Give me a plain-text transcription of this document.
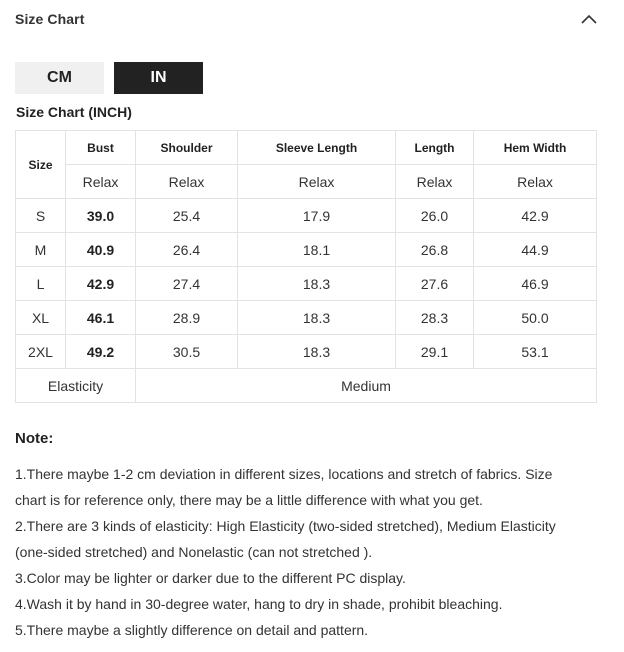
Size Chart
CM	IN
Size Chart (INCH)
Size	Bust	Shoulder	Sleeve Length	Length	Hem Width
	Relax	Relax	Relax	Relax	Relax
S	39.0	25.4	17.9	26.0	42.9
M	40.9	26.4	18.1	26.8	44.9
L	42.9	27.4	18.3	27.6	46.9
XL	46.1	28.9	18.3	28.3	50.0
2XL	49.2	30.5	18.3	29.1	53.1
Elasticity		Medium			
Note:
1.There maybe 1-2 cm deviation in different sizes, locations and stretch of fabrics. Size
chart is for reference only, there may be a little difference with what you get.
2.There are 3 kinds of elasticity: High Elasticity (two-sided stretched), Medium Elasticity
(one-sided stretched) and Nonelastic (can not stretched ).
3.Color may be lighter or darker due to the different PC display.
4.Wash it by hand in 30-degree water, hang to dry in shade, prohibit bleaching.
5.There maybe a slightly difference on detail and pattern.
